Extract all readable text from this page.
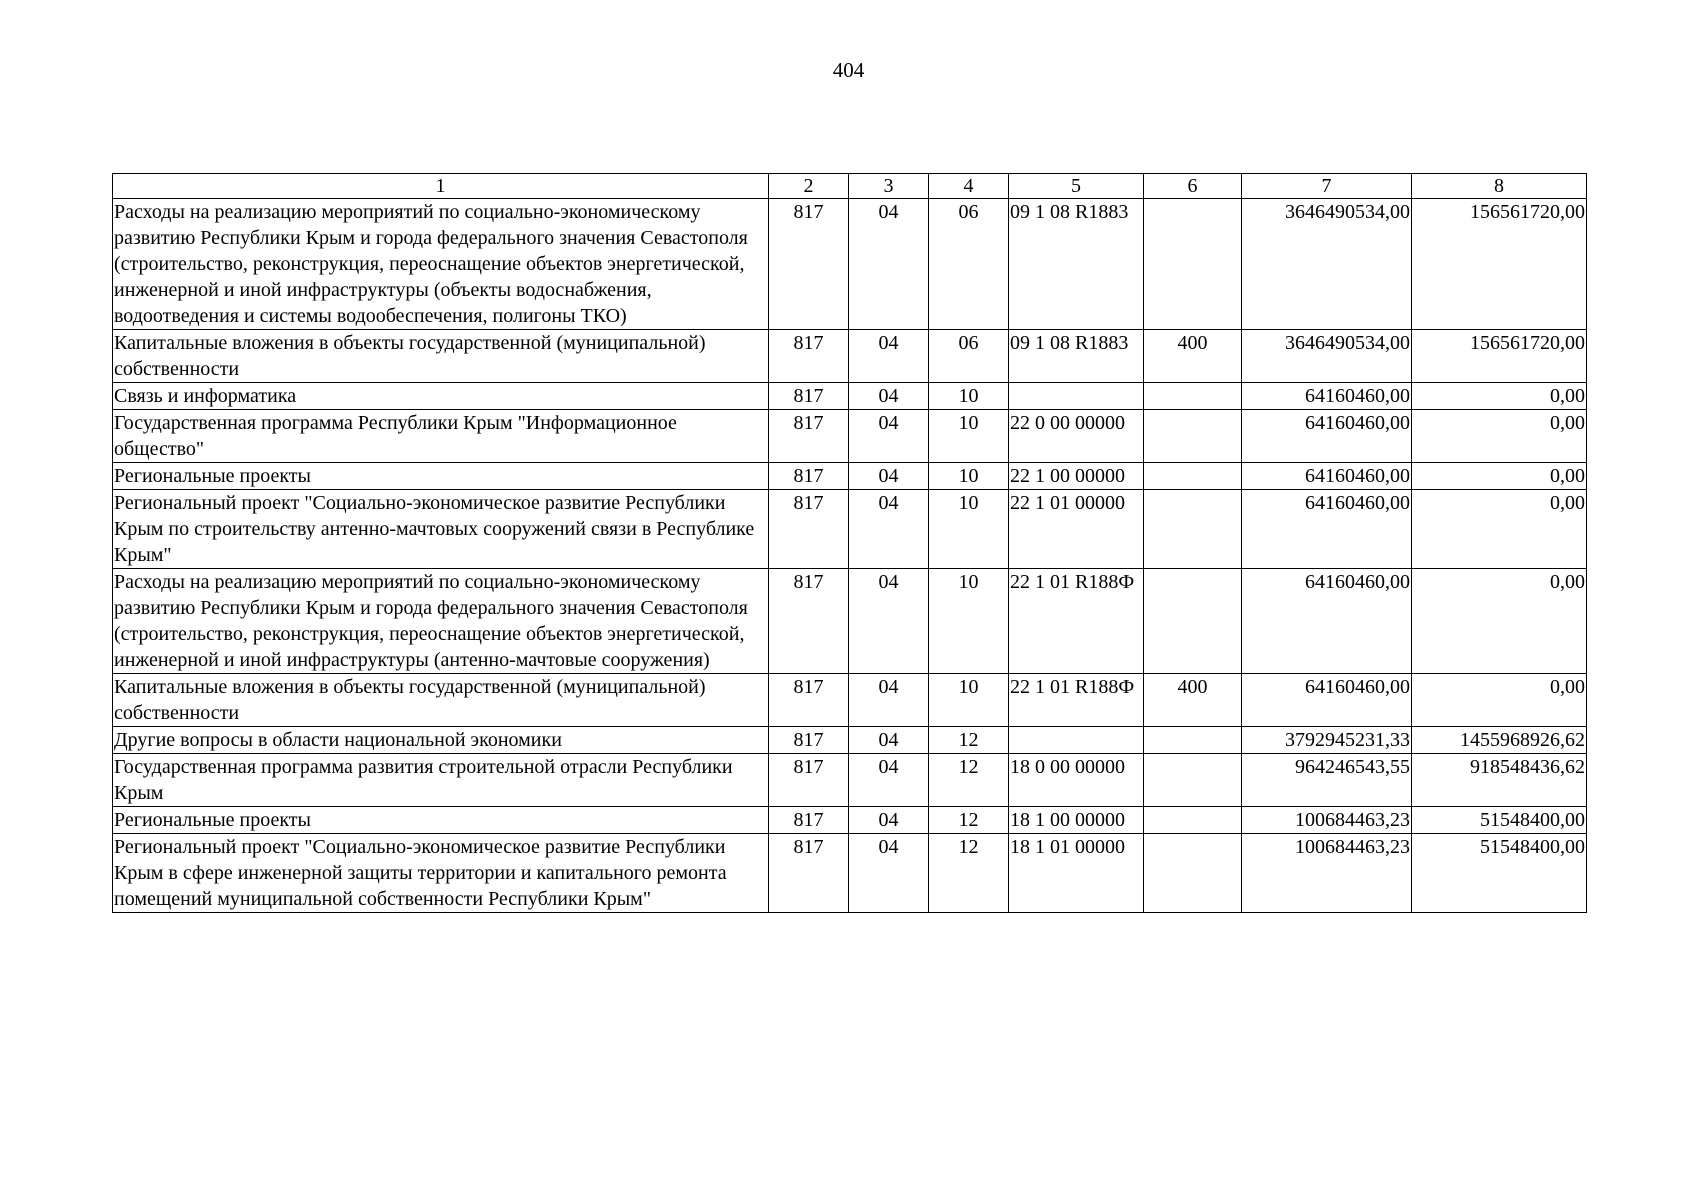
404
1	2	3	4	5	6	7	8
Расходы на реализацию мероприятий по социально-экономическому развитию Республики Крым и города федерального значения Севастополя (строительство, реконструкция, переоснащение объектов энергетической, инженерной и иной инфраструктуры (объекты водоснабжения, водоотведения и системы водообеспечения, полигоны ТКО)	817	04	06	09 1 08 R1883		3646490534,00	156561720,00
Капитальные вложения в объекты государственной (муниципальной) собственности	817	04	06	09 1 08 R1883	400	3646490534,00	156561720,00
Связь и информатика	817	04	10			64160460,00	0,00
Государственная программа Республики Крым "Информационное общество"	817	04	10	22 0 00 00000		64160460,00	0,00
Региональные проекты	817	04	10	22 1 00 00000		64160460,00	0,00
Региональный проект "Социально-экономическое развитие Республики Крым по строительству антенно-мачтовых сооружений связи в Республике Крым"	817	04	10	22 1 01 00000		64160460,00	0,00
Расходы на реализацию мероприятий по социально-экономическому развитию Республики Крым и города федерального значения Севастополя (строительство, реконструкция, переоснащение объектов энергетической, инженерной и иной инфраструктуры (антенно-мачтовые сооружения)	817	04	10	22 1 01 R188Ф		64160460,00	0,00
Капитальные вложения в объекты государственной (муниципальной) собственности	817	04	10	22 1 01 R188Ф	400	64160460,00	0,00
Другие вопросы в области национальной экономики	817	04	12			3792945231,33	1455968926,62
Государственная программа развития строительной отрасли Республики Крым	817	04	12	18 0 00 00000		964246543,55	918548436,62
Региональные проекты	817	04	12	18 1 00 00000		100684463,23	51548400,00
Региональный проект "Социально-экономическое развитие Республики Крым в сфере инженерной защиты территории и капитального ремонта помещений муниципальной собственности Республики Крым"	817	04	12	18 1 01 00000		100684463,23	51548400,00
